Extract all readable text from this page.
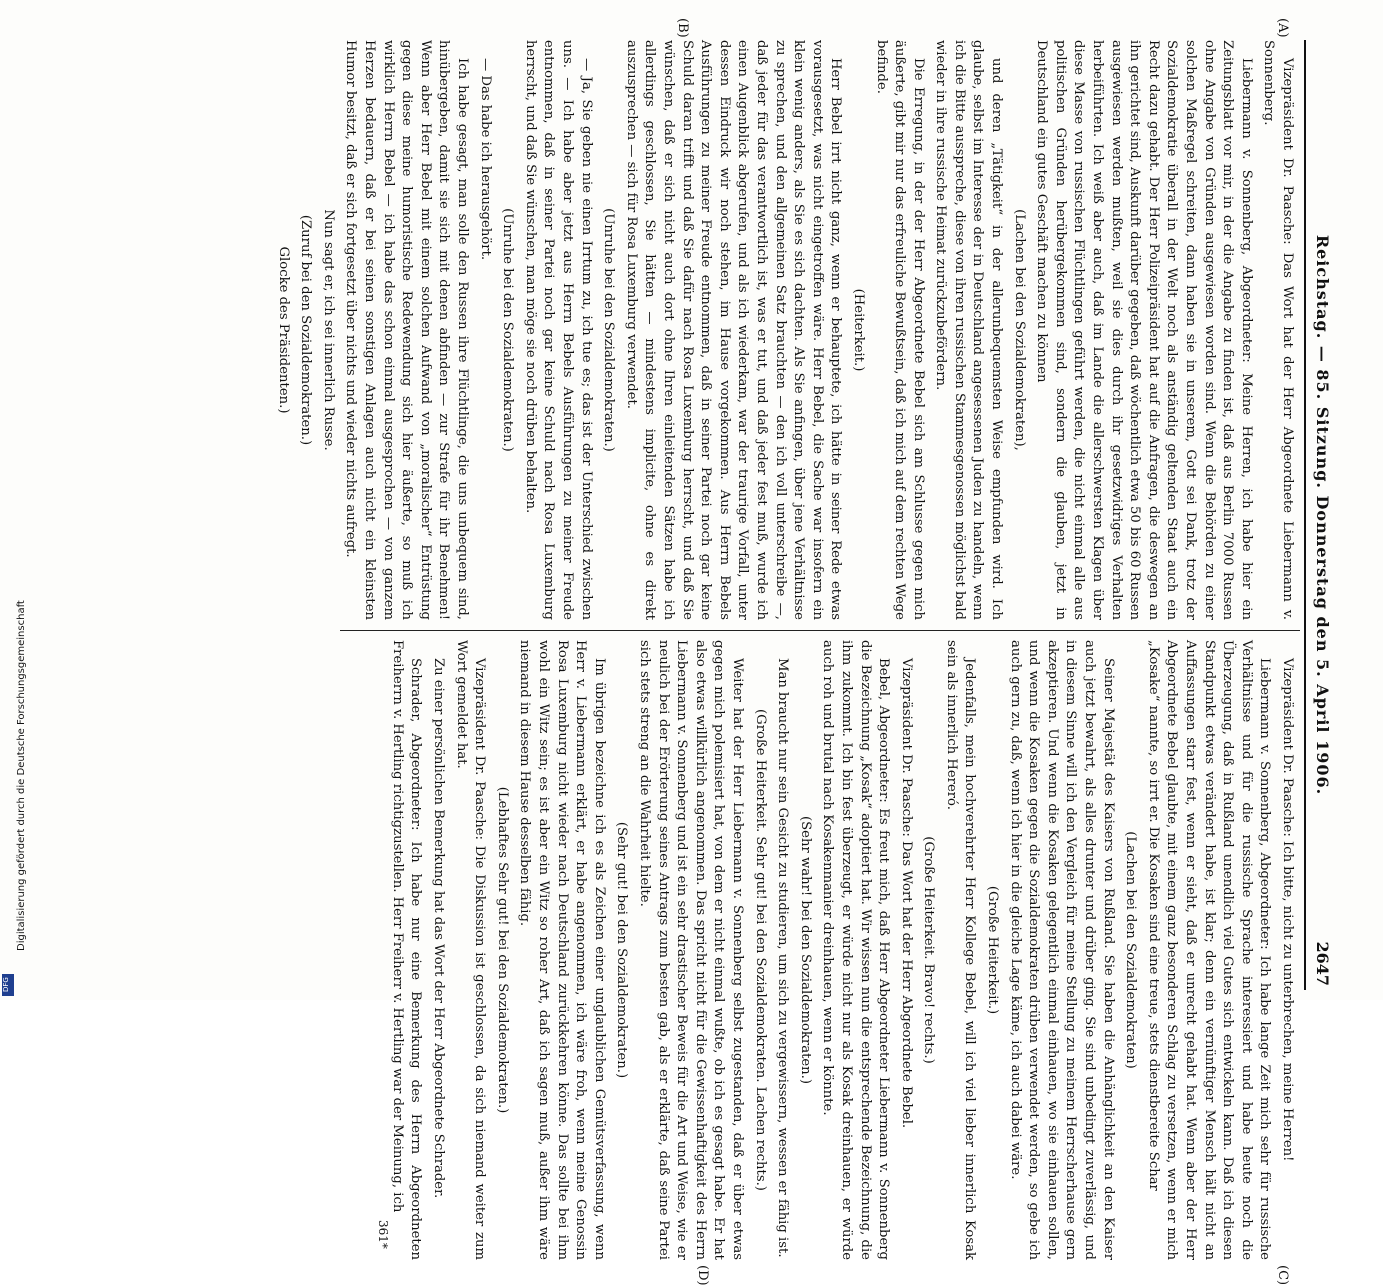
Reichstag. — 85. Sitzung. Donnerstag den 5. April 1906.
2647
(A)
(B)
(C)
(D)

Vizepräsident Dr. Paasche: Das Wort hat der Herr Abgeordnete Liebermann v. Sonnenberg.

Liebermann v. Sonnenberg, Abgeordneter: Meine Herren, ich habe hier ein Zeitungsblatt vor mir, in der die Angabe zu finden ist, daß aus Berlin 7000 Russen ohne Angabe von Gründen ausgewiesen worden sind. Wenn die Behörden zu einer solchen Maßregel schreiten, dann haben sie in unserem, Gott sei Dank, trotz der Sozialdemokratie überall in der Welt noch als anständig geltenden Staat auch ein Recht dazu gehabt. Der Herr Polizeipräsident hat auf die Anfragen, die deswegen an ihn gerichtet sind, Auskunft darüber gegeben, daß wöchentlich etwa 50 bis 60 Russen ausgewiesen werden mußten, weil sie dies durch ihr gesetzwidriges Verhalten herbeiführten. Ich weiß aber auch, daß im Lande die allerschwersten Klagen über diese Masse von russischen Flüchtlingen geführt werden, die nicht einmal alle aus politischen Gründen herübergekommen sind, sondern die glauben, jetzt in Deutschland ein gutes Geschäft machen zu können

(Lachen bei den Sozialdemokraten),

und deren „Tätigkeit“ in der allerunbequemsten Weise empfunden wird. Ich glaube, selbst im Interesse der in Deutschland angesessenen Juden zu handeln, wenn ich die Bitte ausspreche, diese von ihren russischen Stammesgenossen möglichst bald wieder in ihre russische Heimat zurückzubefördern.

Die Erregung, in der der Herr Abgeordnete Bebel sich am Schlusse gegen mich äußerte, gibt mir nur das erfreuliche Bewußtsein, daß ich mich auf dem rechten Wege befinde.

(Heiterkeit.)

Herr Bebel irrt nicht ganz, wenn er behauptete, ich hätte in seiner Rede etwas vorausgesetzt, was nicht eingetroffen wäre. Herr Bebel, die Sache war insofern ein klein wenig anders, als Sie es sich dachten. Als Sie anfingen, über jene Verhältnisse zu sprechen, und den allgemeinen Satz brauchten — den ich voll unterschreibe —, daß jeder für das verantwortlich ist, was er tut, und daß jeder fest muß, wurde ich einen Augenblick abgerufen, und als ich wiederkam, war der traurige Vorfall, unter dessen Eindruck wir noch stehen, im Hause vorgekommen. Aus Herrn Bebels Ausführungen zu meiner Freude entnommen, daß in seiner Partei noch gar keine Schuld daran trifft und daß Sie dafür nach Rosa Luxemburg herrscht, und daß Sie wünschen, daß er sich nicht auch dort ohne Ihren einleitenden Sätzen habe ich allerdings geschlossen, Sie hätten — mindestens implicite, ohne es direkt auszusprechen — sich für Rosa Luxemburg verwendet.

(Unruhe bei den Sozialdemokraten.)

— Ja, Sie geben nie einen Irrtum zu, ich tue es; das ist der Unterschied zwischen uns. — Ich habe aber jetzt aus Herrn Bebels Ausführungen zu meiner Freude entnommen, daß in seiner Partei noch gar keine Schuld nach Rosa Luxemburg herrscht, und daß Sie wünschen, man möge sie noch drüben behalten.

(Unruhe bei den Sozialdemokraten.)

— Das habe ich herausgehört.

Ich habe gesagt, man solle den Russen ihre Flüchtlinge, die uns unbequem sind, hinübergeben, damit sie sich mit denen abfinden — zur Strafe für ihr Benehmen! Wenn aber Herr Bebel mit einem solchen Aufwand von „moralischer“ Entrüstung gegen diese meine humoristische Redewendung sich hier äußerte, so muß ich wirklich Herrn Bebel — ich habe das schon einmal ausgesprochen — von ganzem Herzen bedauern, daß er bei seinen sonstigen Anlagen auch nicht ein kleinsten Humor besitzt, daß er sich fortgesetzt über nichts und wieder nichts aufregt.

Nun sagt er, ich sei innerlich Russe.

(Zuruf bei den Sozialdemokraten.)

Glocke des Präsidenten.)

Vizepräsident Dr. Paasche: Ich bitte, nicht zu unterbrechen, meine Herren!

Liebermann v. Sonnenberg, Abgeordneter: Ich habe lange Zeit mich sehr für russische Verhältnisse und für die russische Sprache interessiert und habe heute noch die Überzeugung, daß in Rußland unendlich viel Gutes sich entwickeln kann. Daß ich diesen Standpunkt etwas verändert habe, ist klar; denn ein vernünftiger Mensch hält nicht an Auffassungen starr fest, wenn er sieht, daß er unrecht gehabt hat. Wenn aber der Herr Abgeordnete Bebel glaubte, mit einem ganz besonderen Schlag zu versetzen, wenn er mich „Kosake“ nannte, so irrt er. Die Kosaken sind eine treue, stets dienstbereite Schar

(Lachen bei den Sozialdemokraten)

Seiner Majestät des Kaisers von Rußland. Sie haben die Anhänglichkeit an den Kaiser auch jetzt bewahrt, als alles drunter und drüber ging. Sie sind unbedingt zuverlässig, und in diesem Sinne will ich den Vergleich für meine Stellung zu meinem Herrscherhause gern akzeptieren. Und wenn die Kosaken gelegentlich einmal einhauen, wo sie einhauen sollen, und wenn die Kosaken gegen die Sozialdemokraten drüben verwendet werden, so gebe ich auch gern zu, daß, wenn ich hier in die gleiche Lage käme, ich auch dabei wäre.

(Große Heiterkeit.)

Jedenfalls, mein hochverehrter Herr Kollege Bebel, will ich viel lieber innerlich Kosak sein als innerlich Hereró.

(Große Heiterkeit. Bravo! rechts.)

Vizepräsident Dr. Paasche: Das Wort hat der Herr Abgeordnete Bebel.

Bebel, Abgeordneter: Es freut mich, daß Herr Abgeordneter Liebermann v. Sonnenberg die Bezeichnung „Kosak“ adoptiert hat. Wir wissen nun die entsprechende Bezeichnung, die ihm zukommt. Ich bin fest überzeugt, er würde nicht nur als Kosak dreinhauen, er würde auch roh und brutal nach Kosakenmanier dreinhauen, wenn er könnte.

(Sehr wahr! bei den Sozialdemokraten.)

Man braucht nur sein Gesicht zu studieren, um sich zu vergewissern, wessen er fähig ist.

(Große Heiterkeit. Sehr gut! bei den Sozialdemokraten. Lachen rechts.)

Weiter hat der Herr Liebermann v. Sonnenberg selbst zugestanden, daß er über etwas gegen mich polemisiert hat, von dem er nicht einmal wußte, ob ich es gesagt habe. Er hat also etwas willkürlich angenommen. Das spricht nicht für die Gewissenhaftigkeit des Herrn Liebermann v. Sonnenberg und ist ein sehr drastischer Beweis für die Art und Weise, wie er neulich bei der Erörterung seines Antrags zum besten gab, als er erklärte, daß seine Partei sich stets streng an die Wahrheit hielte.

(Sehr gut! bei den Sozialdemokraten.)

Im übrigen bezeichne ich es als Zeichen einer unglaublichen Gemütsverfassung, wenn Herr v. Liebermann erklärt, er habe angenommen, ich wäre froh, wenn meine Genossin Rosa Luxemburg nicht wieder nach Deutschland zurückkehren könne. Das sollte bei ihm wohl ein Witz sein; es ist aber ein Witz so roher Art, daß ich sagen muß, außer ihm wäre niemand in diesem Hause desselben fähig.

(Lebhaftes Sehr gut! bei den Sozialdemokraten.)

Vizepräsident Dr. Paasche: Die Diskussion ist geschlossen, da sich niemand weiter zum Wort gemeldet hat.

Zu einer persönlichen Bemerkung hat das Wort der Herr Abgeordnete Schrader.

Schrader, Abgeordneter: Ich habe nur eine Bemerkung des Herrn Abgeordneten Freiherrn v. Hertling richtigzustellen. Herr Freiherr v. Hertling war der Meinung, ich

361*
Digitalisierung gefördert durch die Deutsche Forschungsgemeinschaft
DFG
